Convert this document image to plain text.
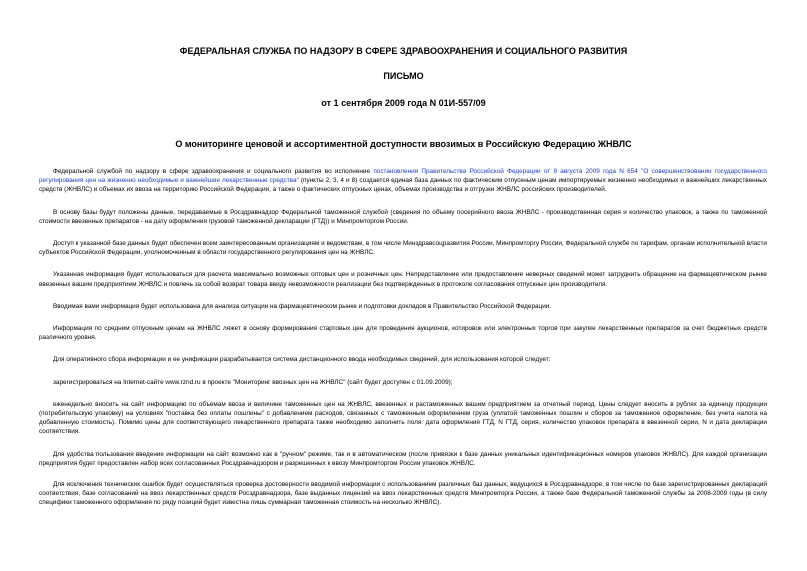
ФЕДЕРАЛЬНАЯ СЛУЖБА ПО НАДЗОРУ В СФЕРЕ ЗДРАВООХРАНЕНИЯ И СОЦИАЛЬНОГО РАЗВИТИЯ
ПИСЬМО
от 1 сентября 2009 года N 01И-557/09
О мониторинге ценовой и ассортиментной доступности ввозимых в Российскую Федерацию ЖНВЛС

Федеральной службой по надзору в сфере здравоохранения и социального развития во исполнение постановления Правительства Российской Федерации от 8 августа 2009 года N 654 "О совершенствовании государственного регулирования цен на жизненно необходимые и важнейшие лекарственные средства" (пункты 2, 3, 4 и 8) создается единая база данных по фактическим отпускным ценам импортируемых жизненно необходимых и важнейших лекарственных средств (ЖНВЛС) и объемах их ввоза на территорию Российской Федерации, а также о фактических отпускных ценах, объемах производства и отгрузки ЖНВЛС российских производителей.

В основу базы будут положены данные, передаваемые в Росздравнадзор Федеральной таможенной службой (сведения по объему посерийного ввоза ЖНВЛС - производственная серия и количество упаковок, а также по таможенной стоимости ввезенных препаратов - на дату оформления грузовой таможенной декларации (ГТД)) и Минпромторгом России.

Доступ к указанной базе данных будет обеспечен всем заинтересованным организациям и ведомствам, в том числе Минздравсоцразвития России, Минпромторгу России, Федеральной службе по тарифам, органам исполнительной власти субъектов Российской Федерации, уполномоченным в области государственного регулирования цен на ЖНВЛС.

Указанная информация будет использоваться для расчета максимально возможных оптовых цен и розничных цен. Непредставление или предоставление неверных сведений может затруднить обращение на фармацевтическом рынке ввезенных вашим предприятием ЖНВЛС и повлечь за собой возврат товара ввиду невозможности реализации без подтвержденных в протоколе согласования отпускных цен производителя.

Вводимая вами информация будет использована для анализа ситуации на фармацевтическом рынке и подготовки докладов в Правительство Российской Федерации.

Информация по средним отпускным ценам на ЖНВЛС ляжет в основу формирования стартовых цен для проведения аукционов, котировок или электронных торгов при закупке лекарственных препаратов за счет бюджетных средств различного уровня.

Для оперативного сбора информации и ее унификации разрабатывается система дистанционного ввода необходимых сведений, для использования которой следует:

зарегистрироваться на Internet-сайте www.rznd.ru в проекте "Мониторинг ввозных цен на ЖНВЛС" (сайт будет доступен с 01.09.2009);

еженедельно вносить на сайт информацию по объемам ввоза и величине таможенных цен на ЖНВЛС, ввезенных и растаможенных вашим предприятием за отчетный период. Цены следует вносить в рублях за единицу продукции (потребительскую упаковку) на условиях "поставка без оплаты пошлины" с добавлением расходов, связанных с таможенным оформлением груза (уплатой таможенных пошлин и сборов за таможенное оформление, без учета налога на добавленную стоимость). Помимо цены для соответствующего лекарственного препарата также необходимо заполнить поля: дата оформления ГТД, N ГТД, серия, количество упаковок препарата в ввезенной серии, N и дата декларации соответствия.

Для удобства пользования введение информации на сайт возможно как в "ручном" режиме, так и в автоматическом (после привязки к базе данных уникальных идентификационных номеров упаковок ЖНВЛС). Для каждой организации предприятия будет предоставлен набор всех согласованных Росздравнадзором и разрешенных к ввозу Минпромторгом России упаковок ЖНВЛС.

Для исключения технических ошибок будет осуществляться проверка достоверности вводимой информации с использованием различных баз данных, ведущихся в Росздравнадзоре, в том числе по базе зарегистрированных деклараций соответствия, базе согласований на ввоз лекарственных средств Росздравнадзора, базе выданных лицензий на ввоз лекарственных средств Минпромторга России, а также базе Федеральной таможенной службы за 2008-2009 годы (в силу специфики таможенного оформления по ряду позиций будет известна лишь суммарная таможенная стоимость на несколько ЖНВЛС).
